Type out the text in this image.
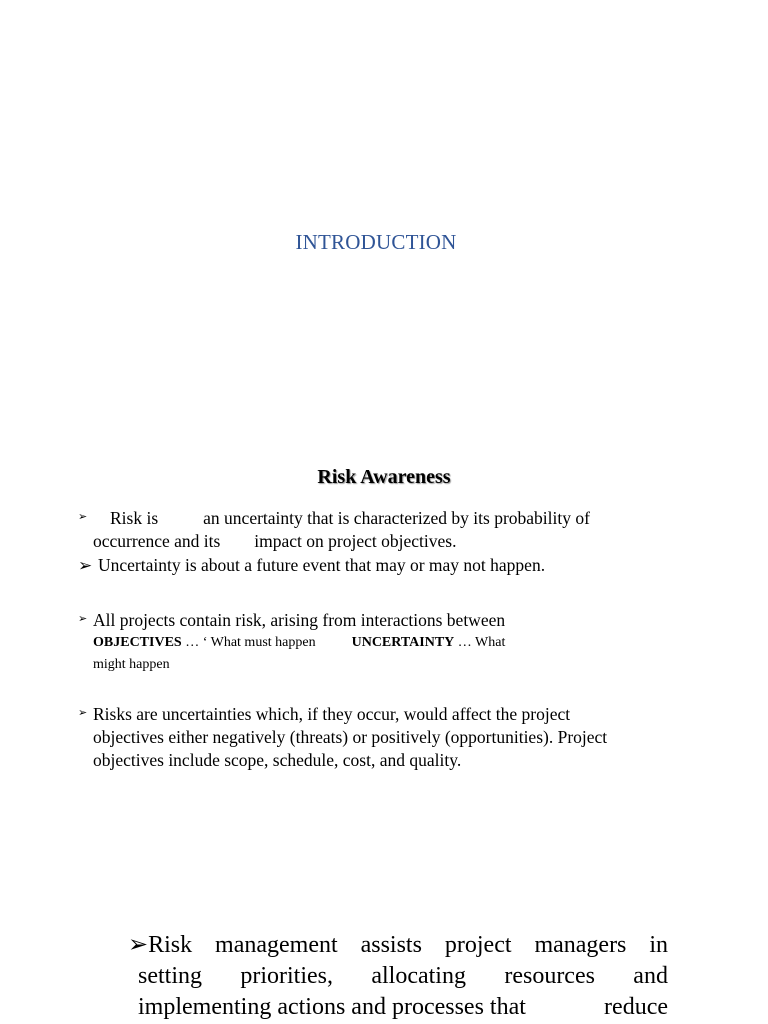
INTRODUCTION
Risk Awareness
➢	Risk is	an uncertainty that is characterized by its probability of
occurrence and its impact on project objectives.
➢ Uncertainty is about a future event that may or may not happen.
➢ All projects contain risk, arising from interactions between
OBJECTIVES … ‘ What must happen	UNCERTAINTY … What
might happen
➢ Risks are uncertainties which, if they occur, would affect the project
objectives either negatively (threats) or positively (opportunities). Project
objectives include scope, schedule, cost, and quality.
➢Risk management assists project managers in
setting priorities, allocating resources and
implementing actions and processes that	reduce
